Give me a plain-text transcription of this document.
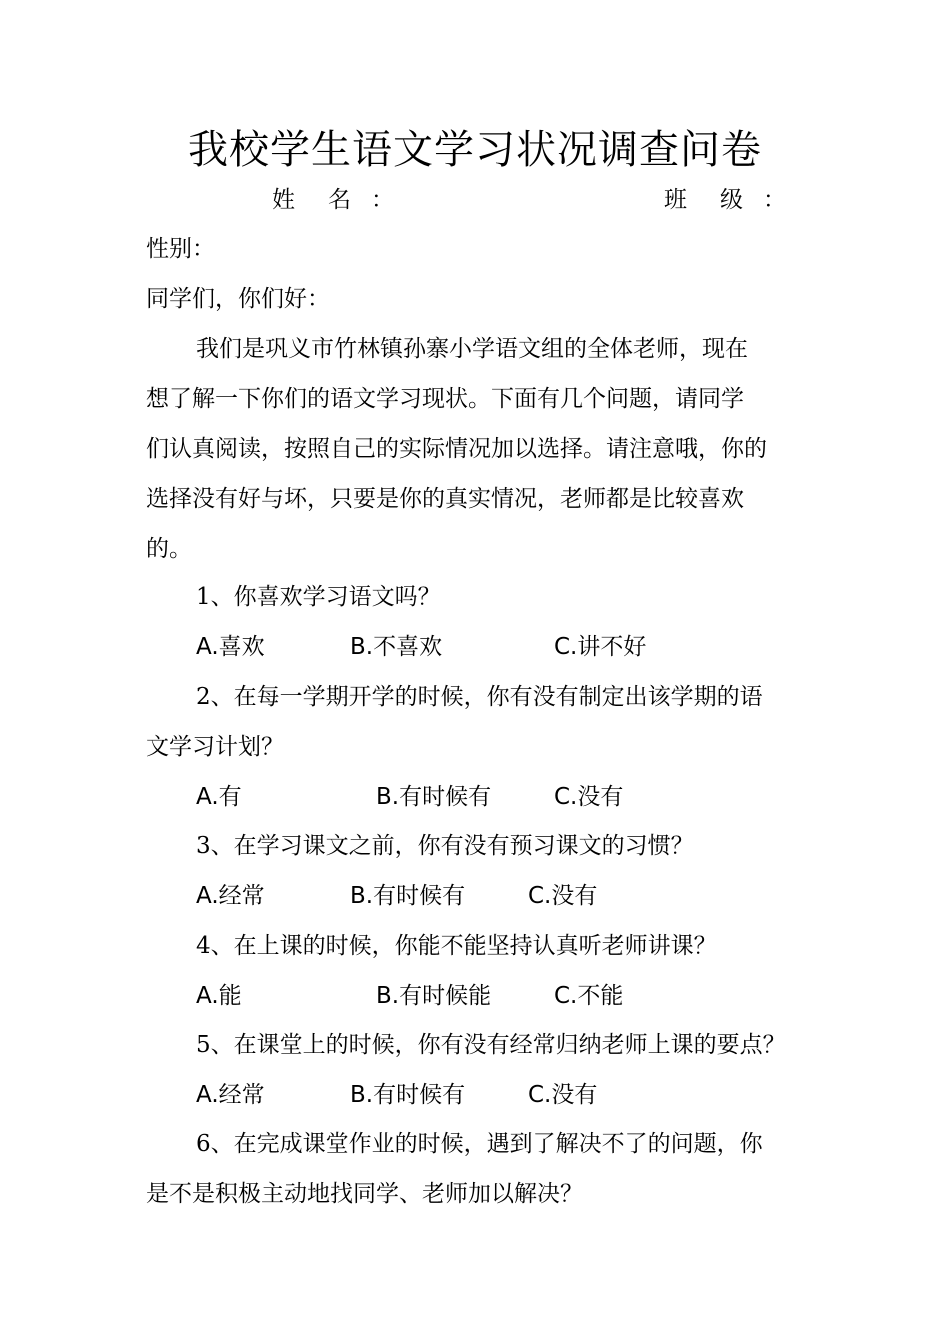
我校学生语文学习状况调查问卷
姓 名 ：	班 级 ：
性别：
同学们，你们好：
我们是巩义市竹林镇孙寨小学语文组的全体老师，现在
想了解一下你们的语文学习现状。下面有几个问题，请同学
们认真阅读，按照自己的实际情况加以选择。请注意哦，你的
选择没有好与坏，只要是你的真实情况，老师都是比较喜欢
的。
1、你喜欢学习语文吗？
A.喜欢	B.不喜欢	C.讲不好
2、在每一学期开学的时候，你有没有制定出该学期的语
文学习计划？
A.有	B.有时候有	C.没有
3、在学习课文之前，你有没有预习课文的习惯？
A.经常	B.有时候有	C.没有
4、在上课的时候，你能不能坚持认真听老师讲课？
A.能	B.有时候能	C.不能
5、在课堂上的时候，你有没有经常归纳老师上课的要点？
A.经常	B.有时候有	C.没有
6、在完成课堂作业的时候，遇到了解决不了的问题，你
是不是积极主动地找同学、老师加以解决？
